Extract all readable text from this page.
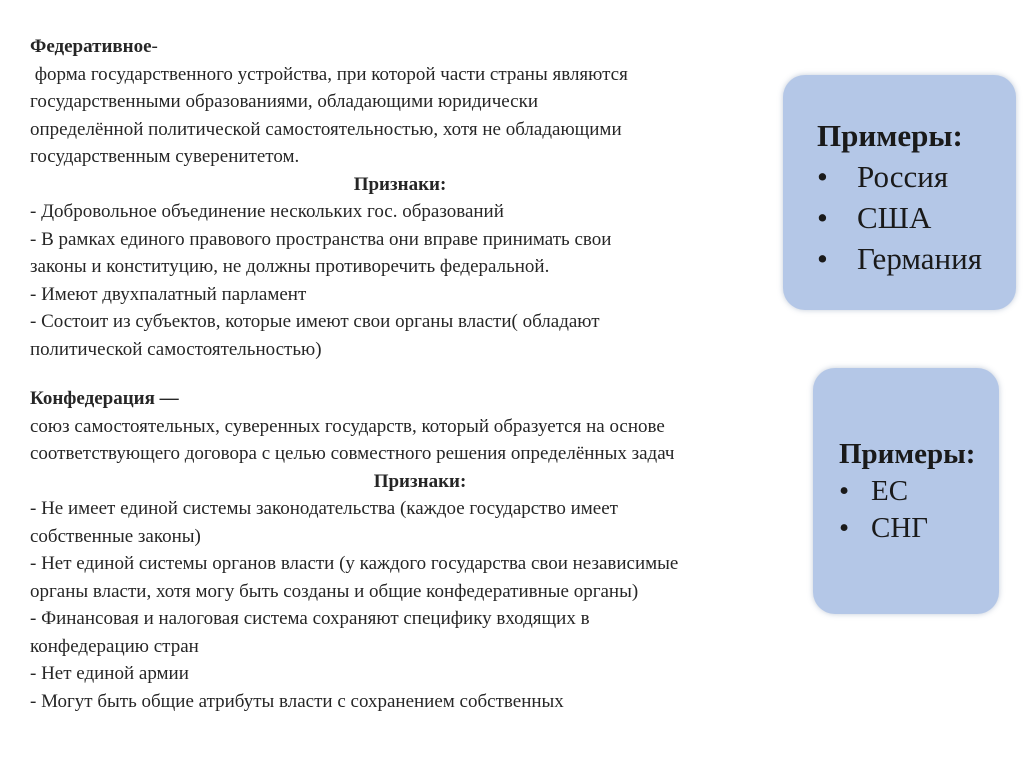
Федеративное-
форма государственного устройства, при которой части страны являются
государственными образованиями, обладающими юридически
определённой политической самостоятельностью, хотя не обладающими
государственным суверенитетом.
Признаки:
- Добровольное объединение нескольких гос. образований
- В рамках единого правового пространства они вправе принимать свои
законы и конституцию, не должны противоречить федеральной.
- Имеют двухпалатный парламент
- Состоит из субъектов, которые имеют свои органы власти( обладают
политической самостоятельностью)
Примеры:
• Россия
• США
• Германия
Конфедерация —
союз самостоятельных, суверенных государств, который образуется на основе
соответствующего договора с целью совместного решения определённых задач
Признаки:
- Не имеет единой системы законодательства (каждое государство имеет
собственные законы)
- Нет единой системы органов власти (у каждого государства свои независимые
органы власти, хотя могу быть созданы и общие конфедеративные органы)
- Финансовая и налоговая система сохраняют специфику входящих в
конфедерацию стран
- Нет единой армии
- Могут быть общие атрибуты власти с сохранением собственных
Примеры:
• ЕС
• СНГ
